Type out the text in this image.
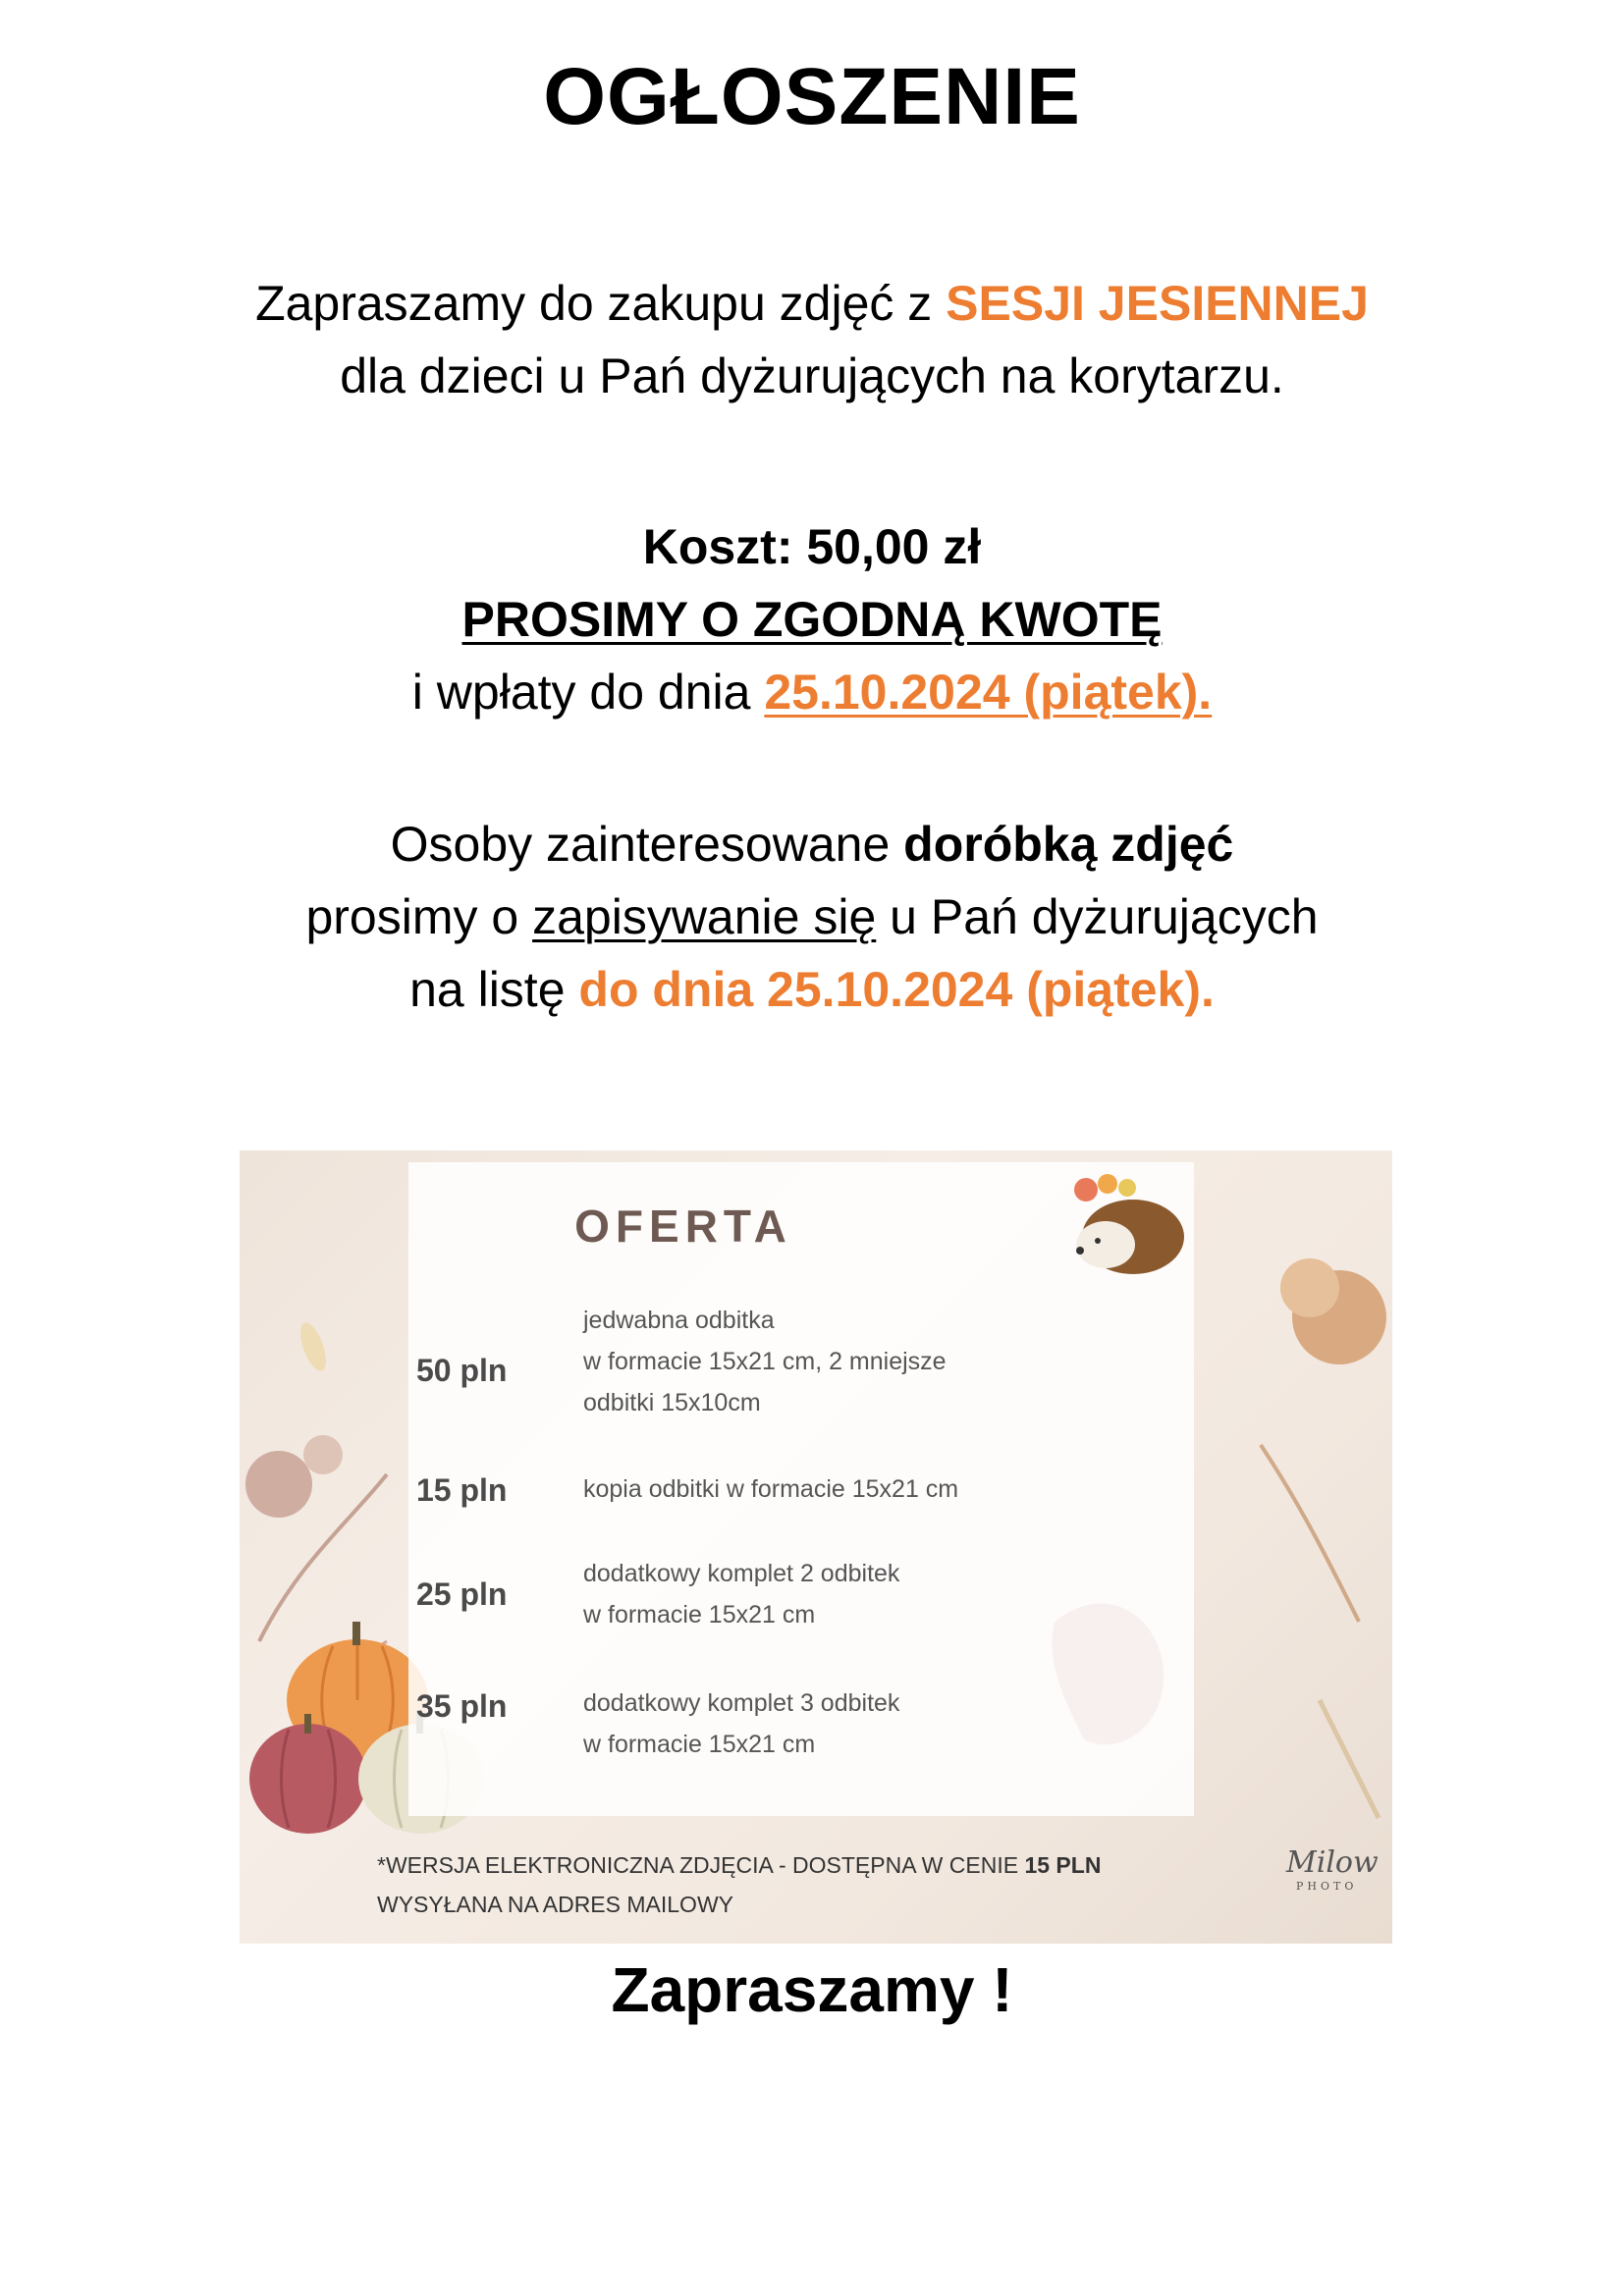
OGŁOSZENIE
Zapraszamy do zakupu zdjęć z SESJI JESIENNEJ
dla dzieci u Pań dyżurujących na korytarzu.
Koszt: 50,00 zł
PROSIMY O ZGODNĄ KWOTĘ
i wpłaty do dnia 25.10.2024 (piątek).
Osoby zainteresowane doróbką zdjęć
prosimy o zapisywanie się u Pań dyżurujących
na listę do dnia 25.10.2024 (piątek).
OFERTA
50 pln
jedwabna odbitka
w formacie 15x21 cm, 2 mniejsze
odbitki 15x10cm
15 pln	kopia odbitki w formacie 15x21 cm
25 pln
dodatkowy komplet 2 odbitek
w formacie 15x21 cm
35 pln	dodatkowy komplet 3 odbitek
w formacie 15x21 cm
*WERSJA ELEKTRONICZNA ZDJĘCIA - DOSTĘPNA W CENIE 15 PLN
WYSYŁANA NA ADRES MAILOWY
Milow
PHOTO
Zapraszamy !
